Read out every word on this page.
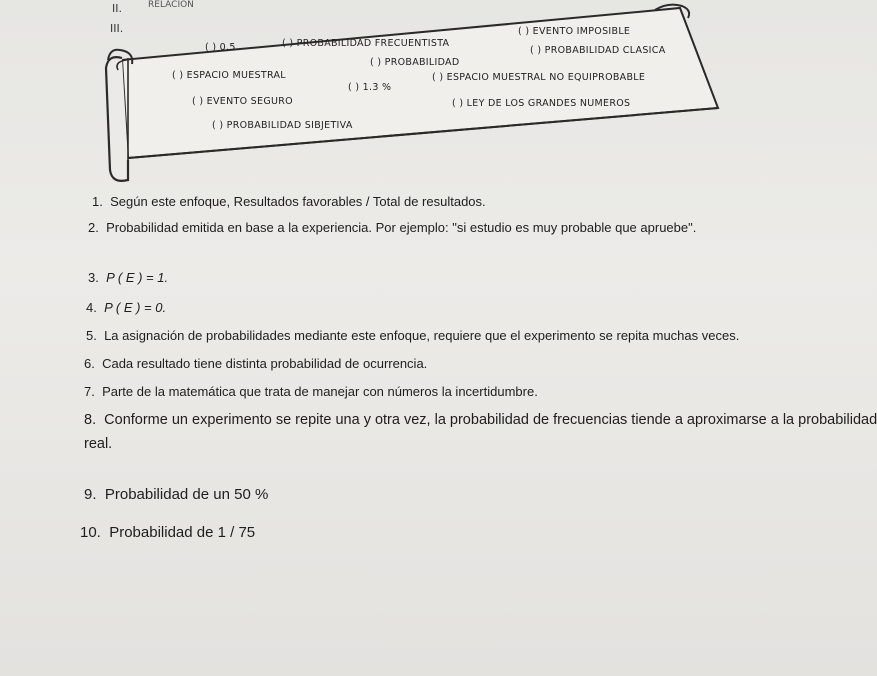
II.	RELACION
III.
( ) 0.5	( ) PROBABILIDAD FRECUENTISTA
( ) EVENTO IMPOSIBLE
( ) PROBABILIDAD
( ) PROBABILIDAD CLASICA
( ) ESPACIO MUESTRAL
( ) 1.3 %
( ) ESPACIO MUESTRAL NO EQUIPROBABLE
( ) EVENTO SEGURO	( ) LEY DE LOS GRANDES NUMEROS
( ) PROBABILIDAD SIBJETIVA
1. Según este enfoque, Resultados favorables / Total de resultados.
2. Probabilidad emitida en base a la experiencia. Por ejemplo: "si estudio es muy probable que apruebe".
3. P ( E ) = 1.
4. P ( E ) = 0.
5. La asignación de probabilidades mediante este enfoque, requiere que el experimento se repita muchas veces.
6. Cada resultado tiene distinta probabilidad de ocurrencia.
7. Parte de la matemática que trata de manejar con números la incertidumbre.
8. Conforme un experimento se repite una y otra vez, la probabilidad de frecuencias tiende a aproximarse a la probabilidad
real.
9. Probabilidad de un 50 %
10. Probabilidad de 1 / 75
